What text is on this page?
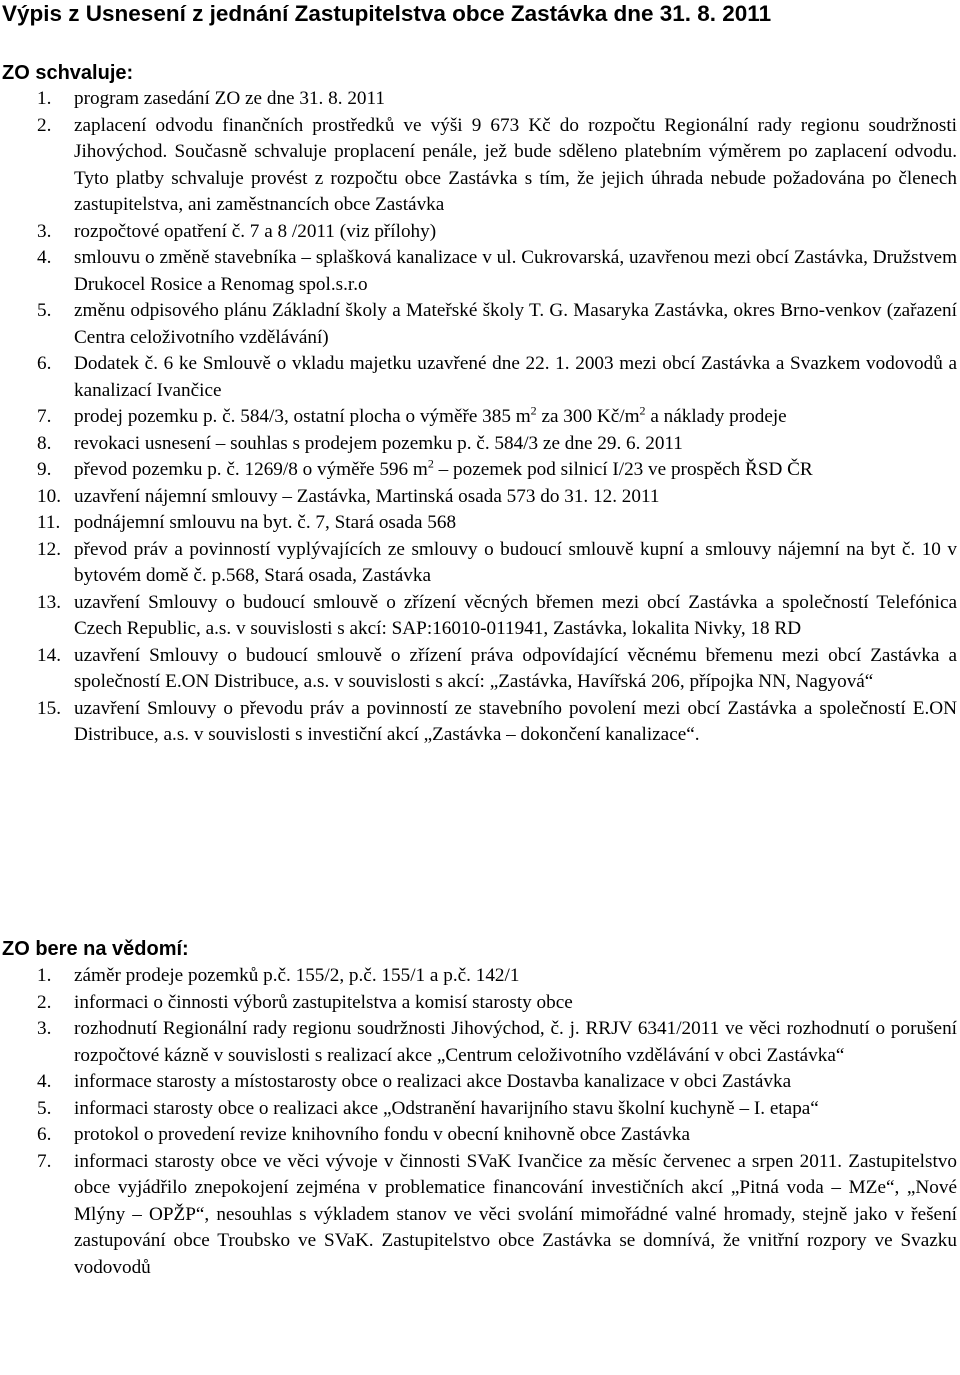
Výpis z Usnesení z jednání Zastupitelstva obce Zastávka dne 31. 8. 2011
ZO schvaluje:
1. program zasedání ZO ze dne 31. 8. 2011
2. zaplacení odvodu finančních prostředků ve výši 9 673 Kč do rozpočtu Regionální rady regionu soudržnosti Jihovýchod. Současně schvaluje proplacení penále, jež bude sděleno platebním výměrem po zaplacení odvodu. Tyto platby schvaluje provést z rozpočtu obce Zastávka s tím, že jejich úhrada nebude požadována po členech zastupitelstva, ani zaměstnancích obce Zastávka
3. rozpočtové opatření č. 7 a 8 /2011 (viz přílohy)
4. smlouvu o změně stavebníka – splašková kanalizace v ul. Cukrovarská, uzavřenou mezi obcí Zastávka, Družstvem Drukocel Rosice a Renomag spol.s.r.o
5. změnu odpisového plánu Základní školy a Mateřské školy T. G. Masaryka Zastávka, okres Brno-venkov (zařazení Centra celoživotního vzdělávání)
6. Dodatek č. 6 ke Smlouvě o vkladu majetku uzavřené dne 22. 1. 2003 mezi obcí Zastávka a Svazkem vodovodů a kanalizací Ivančice
7. prodej pozemku p. č. 584/3, ostatní plocha o výměře 385 $m^2$ za 300 $Kč/m^2$ a náklady prodeje
8. revokaci usnesení – souhlas s prodejem pozemku p. č. 584/3 ze dne 29. 6. 2011
9. převod pozemku p. č. 1269/8 o výměře 596 $m^2$ – pozemek pod silnicí I/23 ve prospěch ŘSD ČR
10. uzavření nájemní smlouvy – Zastávka, Martinská osada 573 do 31. 12. 2011
11. podnájemní smlouvu na byt. č. 7, Stará osada 568
12. převod práv a povinností vyplývajících ze smlouvy o budoucí smlouvě kupní a smlouvy nájemní na byt č. 10 v bytovém domě č. p.568, Stará osada, Zastávka
13. uzavření Smlouvy o budoucí smlouvě o zřízení věcných břemen mezi obcí Zastávka a společností Telefónica Czech Republic, a.s. v souvislosti s akcí: SAP:16010-011941, Zastávka, lokalita Nivky, 18 RD
14. uzavření Smlouvy o budoucí smlouvě o zřízení práva odpovídající věcnému břemenu mezi obcí Zastávka a společností E.ON Distribuce, a.s. v souvislosti s akcí: „Zastávka, Havířská 206, přípojka NN, Nagyová“
15. uzavření Smlouvy o převodu práv a povinností ze stavebního povolení mezi obcí Zastávka a společností E.ON Distribuce, a.s. v souvislosti s investiční akcí „Zastávka – dokončení kanalizace“.
ZO bere na vědomí:
1. záměr prodeje pozemků p.č. 155/2, p.č. 155/1 a p.č. 142/1
2. informaci o činnosti výborů zastupitelstva a komisí starosty obce
3. rozhodnutí Regionální rady regionu soudržnosti Jihovýchod, č. j. RRJV 6341/2011 ve věci rozhodnutí o porušení rozpočtové kázně v souvislosti s realizací akce „Centrum celoživotního vzdělávání v obci Zastávka“
4. informace starosty a místostarosty obce o realizaci akce Dostavba kanalizace v obci Zastávka
5. informaci starosty obce o realizaci akce „Odstranění havarijního stavu školní kuchyně – I. etapa“
6. protokol o provedení revize knihovního fondu v obecní knihovně obce Zastávka
7. informaci starosty obce ve věci vývoje v činnosti SVaK Ivančice za měsíc červenec a srpen 2011. Zastupitelstvo obce vyjádřilo znepokojení zejména v problematice financování investičních akcí „Pitná voda – MZe“, „Nové Mlýny – OPŽP“, nesouhlas s výkladem stanov ve věci svolání mimořádné valné hromady, stejně jako v řešení zastupování obce Troubsko ve SVaK. Zastupitelstvo obce Zastávka se domnívá, že vnitřní rozpory ve Svazku vodovodů
